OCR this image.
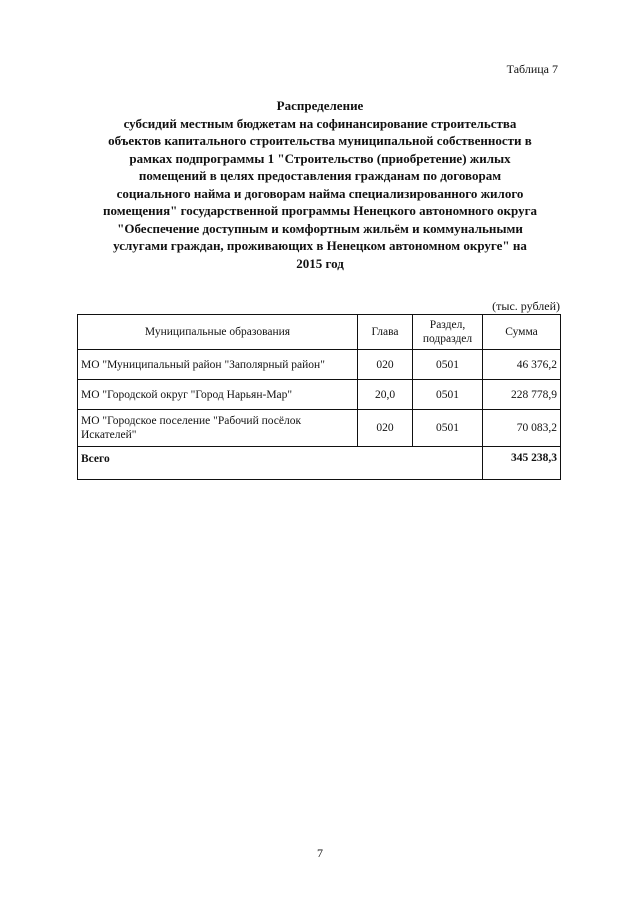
Таблица 7
Распределение
субсидий местным бюджетам на софинансирование строительства
объектов капитального строительства муниципальной собственности в
рамках подпрограммы 1 "Строительство (приобретение) жилых
помещений в целях предоставления гражданам по договорам
социального найма и договорам найма специализированного жилого
помещения" государственной программы Ненецкого автономного округа
"Обеспечение доступным и комфортным жильём и коммунальными
услугами граждан, проживающих в Ненецком автономном округе" на
2015 год
(тыс. рублей)
Муниципальные образования	Глава	Раздел, подраздел	Сумма
МО "Муниципальный район "Заполярный район"	020	0501	46 376,2
МО "Городской округ "Город Нарьян-Мар"	20,0	0501	228 778,9
МО "Городское поселение "Рабочий посёлок Искателей"	020	0501	70 083,2
Всего			345 238,3
7
